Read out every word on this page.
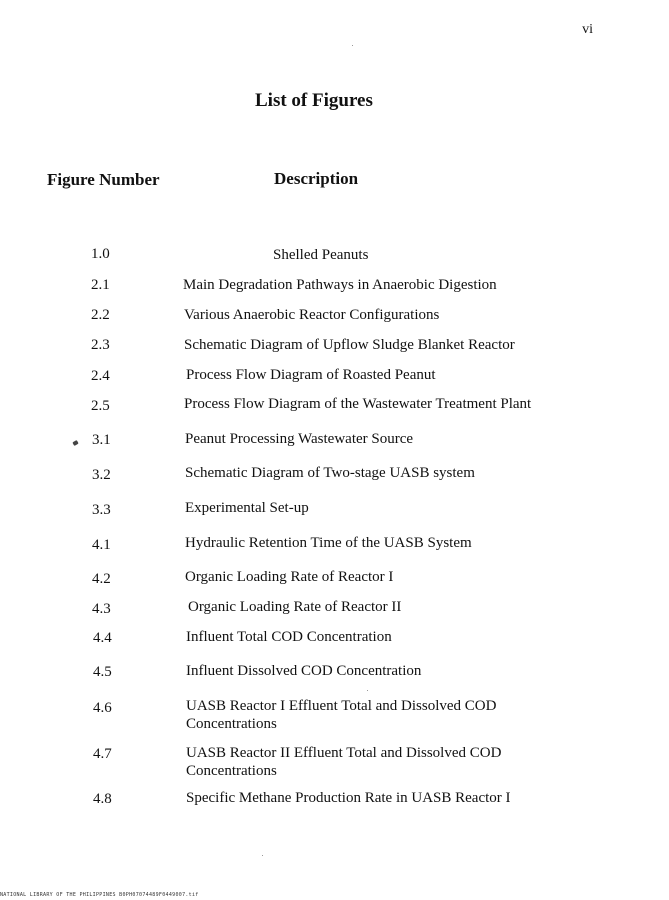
vi
List of Figures
Figure Number	Description
1.0	Shelled Peanuts
2.1	Main Degradation Pathways in Anaerobic Digestion
2.2	Various Anaerobic Reactor Configurations
2.3	Schematic Diagram of Upflow Sludge Blanket Reactor
2.4	Process Flow Diagram of Roasted Peanut
2.5	Process Flow Diagram of the Wastewater Treatment Plant
3.1	Peanut Processing Wastewater Source
3.2	Schematic Diagram of Two-stage UASB system
3.3	Experimental Set-up
4.1	Hydraulic Retention Time of the UASB System
4.2	Organic Loading Rate of Reactor I
4.3	Organic Loading Rate of Reactor II
4.4	Influent Total COD Concentration
4.5	Influent Dissolved COD Concentration
4.6	UASB Reactor I Effluent Total and Dissolved COD
Concentrations
4.7	UASB Reactor II Effluent Total and Dissolved COD
Concentrations
4.8	Specific Methane Production Rate in UASB Reactor I
NATIONAL LIBRARY OF THE PHILIPPINES B0PH07074489F0449007.tif
